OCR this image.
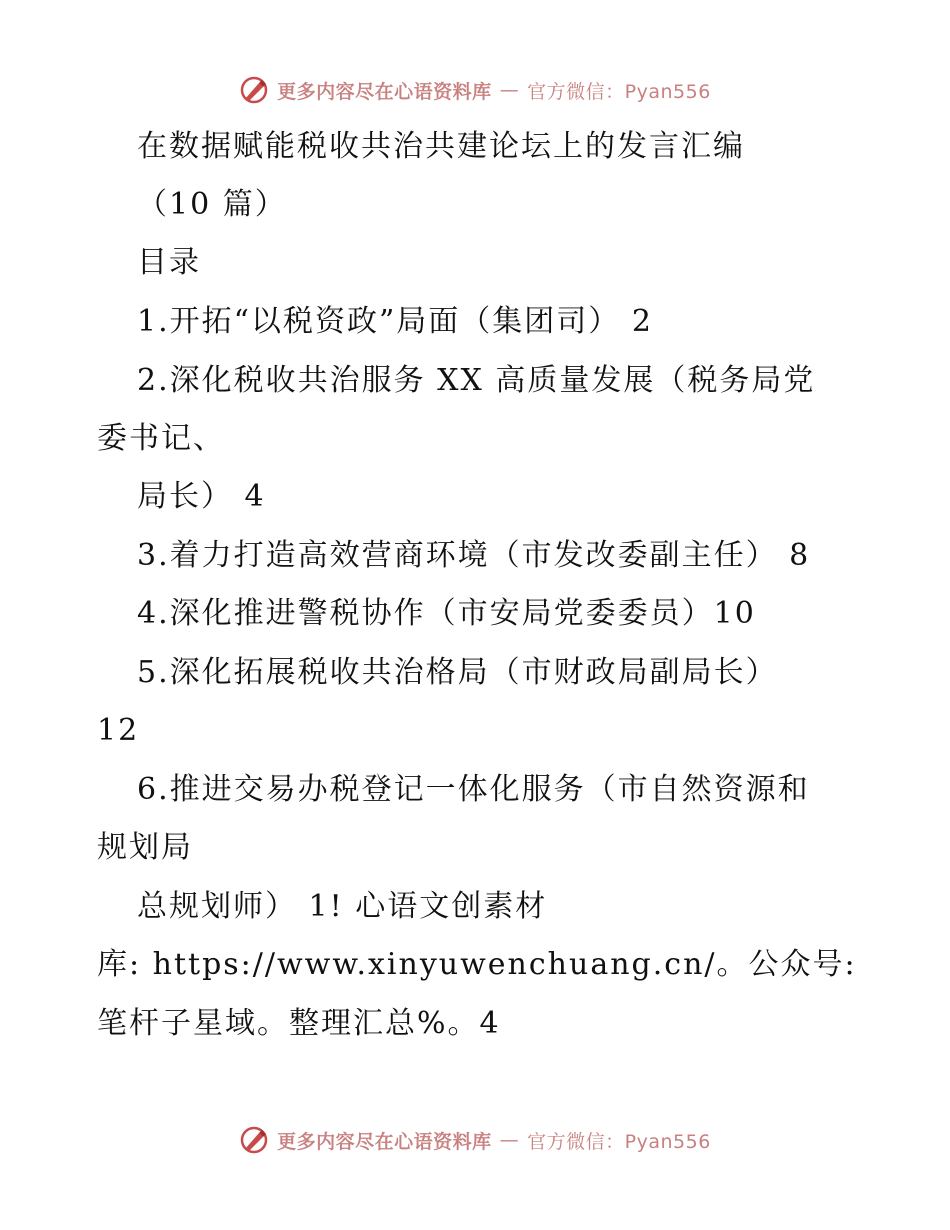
更多内容尽在心语资料库 — 官方微信：Pyan556
在数据赋能税收共治共建论坛上的发言汇编
（10 篇）
目录
1.开拓“以税资政”局面（集团司） 2
2.深化税收共治服务 XX 高质量发展（税务局党
委书记、
局长） 4
3.着力打造高效营商环境（市发改委副主任） 8
4.深化推进警税协作（市安局党委委员）10
5.深化拓展税收共治格局（市财政局副局长）
12
6.推进交易办税登记一体化服务（市自然资源和
规划局
总规划师） 1! 心语文创素材
库: https://www.xinyuwenchuang.cn/。公众号:
笔杆子星域。整理汇总%。4
更多内容尽在心语资料库 — 官方微信：Pyan556
